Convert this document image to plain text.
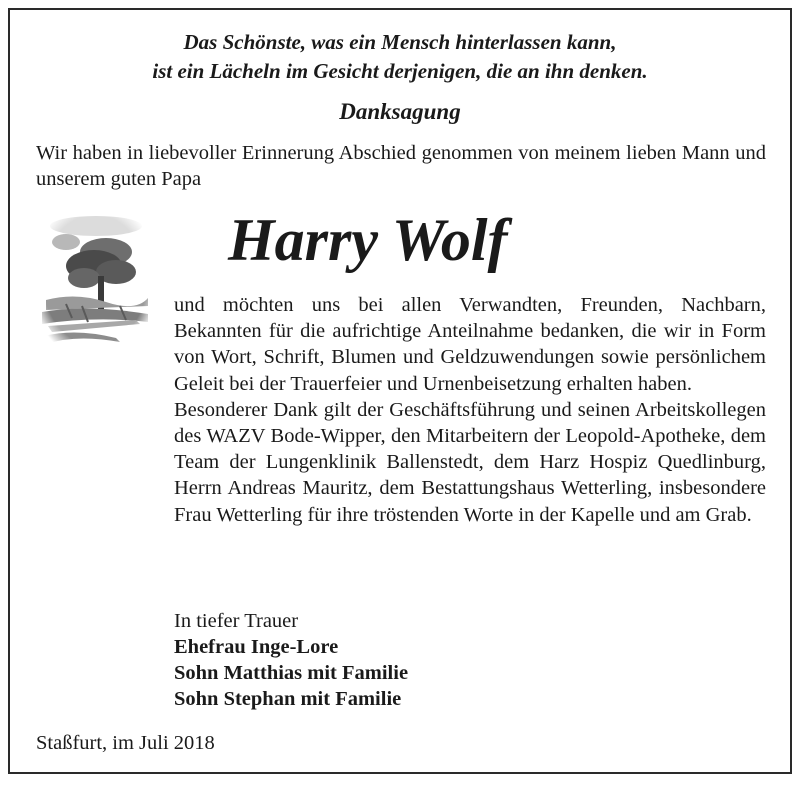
Das Schönste, was ein Mensch hinterlassen kann,
ist ein Lächeln im Gesicht derjenigen, die an ihn denken.
Danksagung
Wir haben in liebevoller Erinnerung Abschied genommen von meinem lieben Mann und unserem guten Papa
Harry Wolf

und möchten uns bei allen Verwandten, Freunden, Nachbarn, Bekannten für die aufrichtige Anteilnahme bedanken, die wir in Form von Wort, Schrift, Blumen und Geldzuwendungen sowie persönlichem Geleit bei der Trauerfeier und Urnenbeisetzung erhalten haben.

Besonderer Dank gilt der Geschäftsführung und seinen Arbeitskollegen des WAZV Bode-Wipper, den Mitarbeitern der Leopold-Apotheke, dem Team der Lungenklinik Ballenstedt, dem Harz Hospiz Quedlinburg, Herrn Andreas Mauritz, dem Bestattungshaus Wetterling, insbesondere Frau Wetterling für ihre tröstenden Worte in der Kapelle und am Grab.

In tiefer Trauer
Ehefrau Inge-Lore
Sohn Matthias mit Familie
Sohn Stephan mit Familie
Staßfurt, im Juli 2018
